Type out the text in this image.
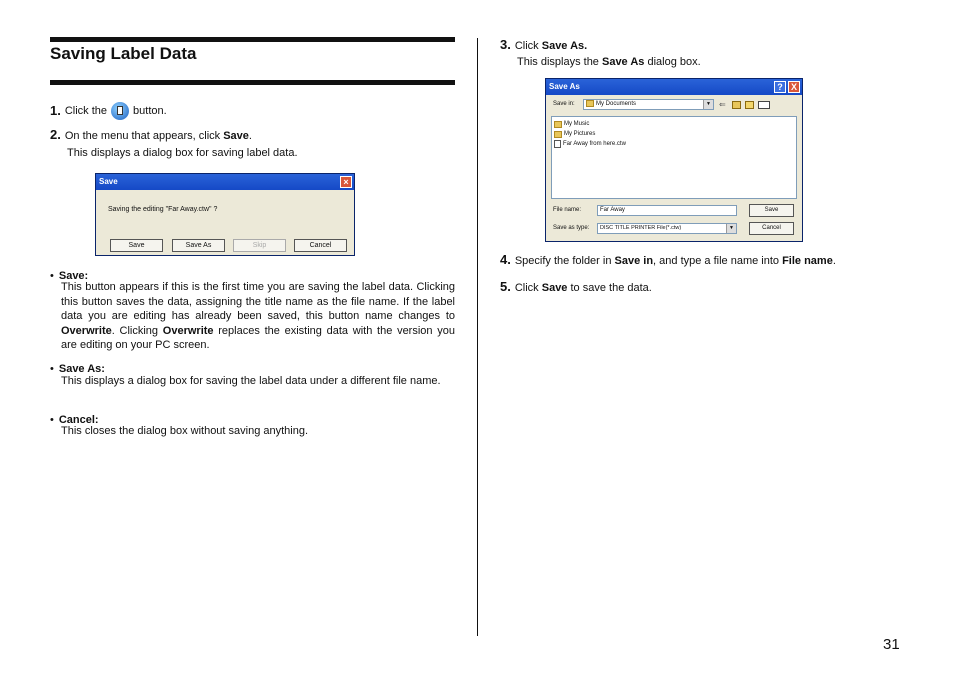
Saving Label Data
1. Click the button.
2. On the menu that appears, click Save.
This displays a dialog box for saving label data.
Save	×
Saving the editing "Far Away.ctw" ?
Save	Save As	Skip	Cancel
• Save:
This button appears if this is the first time you are saving the label data. Clicking this button saves the data, assigning the title name as the file name. If the label data you are editing has already been saved, this button name changes to Overwrite. Clicking Overwrite replaces the existing data with the version you are editing on your PC screen.
• Save As:
This displays a dialog box for saving the label data under a different file name.
• Cancel:
This closes the dialog box without saving anything.
3. Click Save As.
This displays the Save As dialog box.
Save As	? X
Save in:	My Documents	▼ ⇐
My Music
My Pictures
Far Away from here.ctw
File name:	Far Away	Save
Save as type:	DISC TITLE PRINTER File(*.ctw)	▼	Cancel
4. Specify the folder in Save in, and type a file name into File name.
5. Click Save to save the data.
31
